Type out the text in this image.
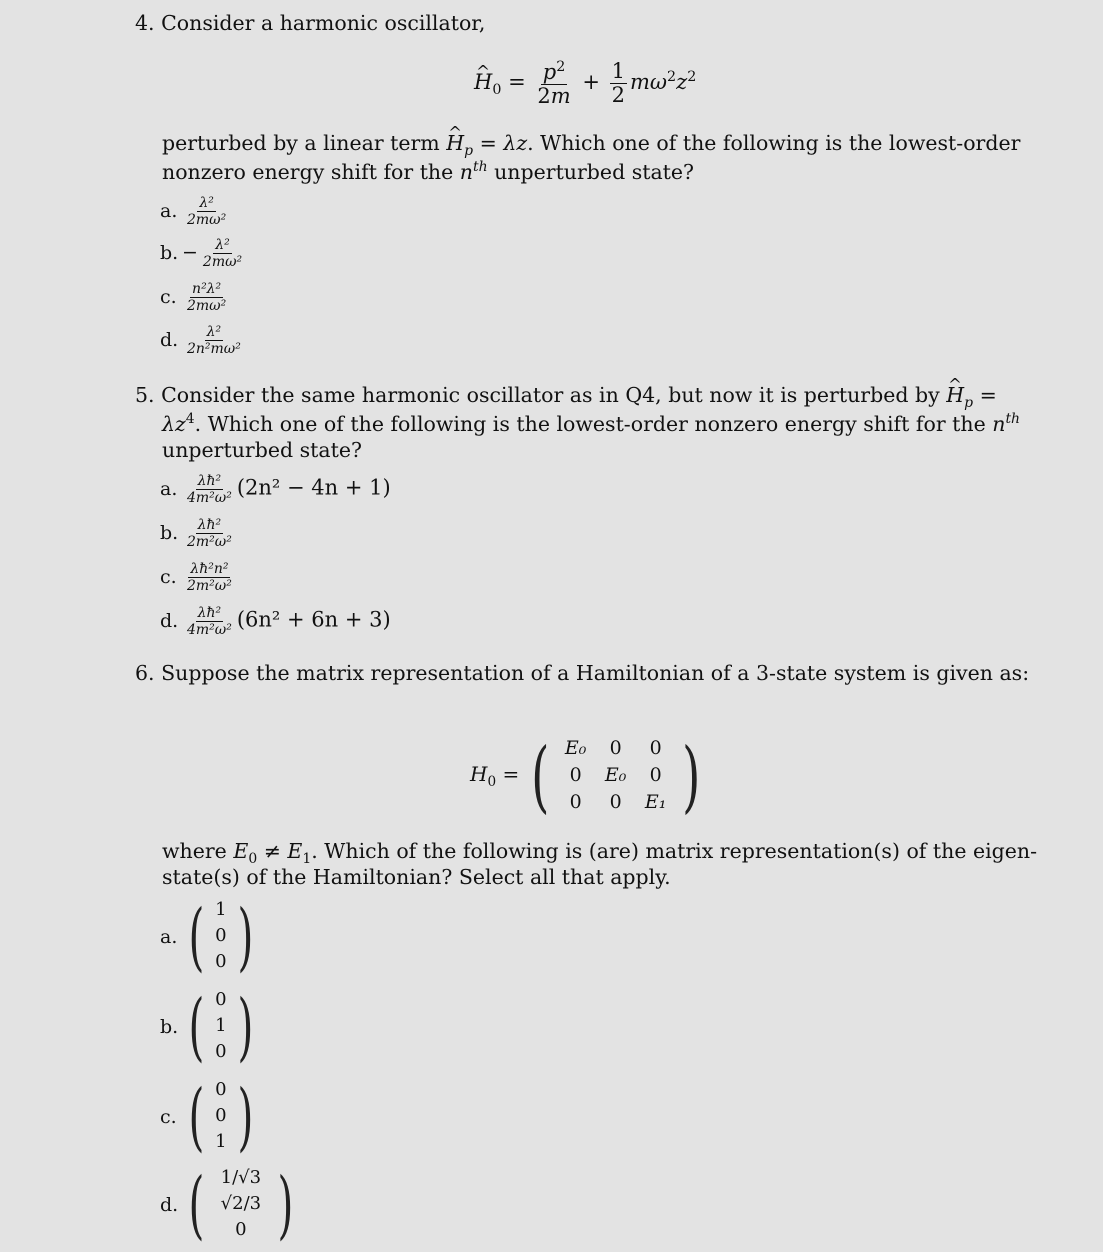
4. Consider a harmonic oscillator,
^ $H_0 = \frac{p^2}{2m} + \frac{1}{2} m\omega^2z^2$
perturbed by a linear term ^ $H_p = \lambda z$. Which one of the following is the lowest-order
nonzero energy shift for the $n^{th}$ unperturbed state?
a. $\frac{\text{λ²}}{\text{2mω²}}$
b. − $\frac{\text{λ²}}{\text{2mω²}}$
c. $\frac{\text{n²λ²}}{\text{2mω²}}$
d. $\frac{\text{λ²}}{\text{2n²mω²}}$
5. Consider the same harmonic oscillator as in Q4, but now it is perturbed by ^ $H_p$ =
$\lambda z^4$. Which one of the following is the lowest-order nonzero energy shift for the $n^{th}$
unperturbed state?
a. $\frac{\text{λħ²}}{\text{4m²ω²}} (2n^2 - 4n + 1)$
b. $\frac{\text{λħ²}}{\text{2m²ω²}}$
c. $\frac{\text{λħ²n²}}{\text{2m²ω²}}$
d. $\frac{\text{λħ²}}{\text{4m²ω²}} (6n^2 + 6n + 3)$
6. Suppose the matrix representation of a Hamiltonian of a 3-state system is given as:
$H_0$ = ( E₀	0	0
0	E₀	0
0	0	E₁ )
where $E_0 \ne E_1$. Which of the following is (are) matrix representation(s) of the eigen-
state(s) of the Hamiltonian? Select all that apply.
a. ( 1
0
0 )
b. ( 0
1
0 )
c. ( 0
0
1 )
d. ( 1/√3
√2/3
0 )
